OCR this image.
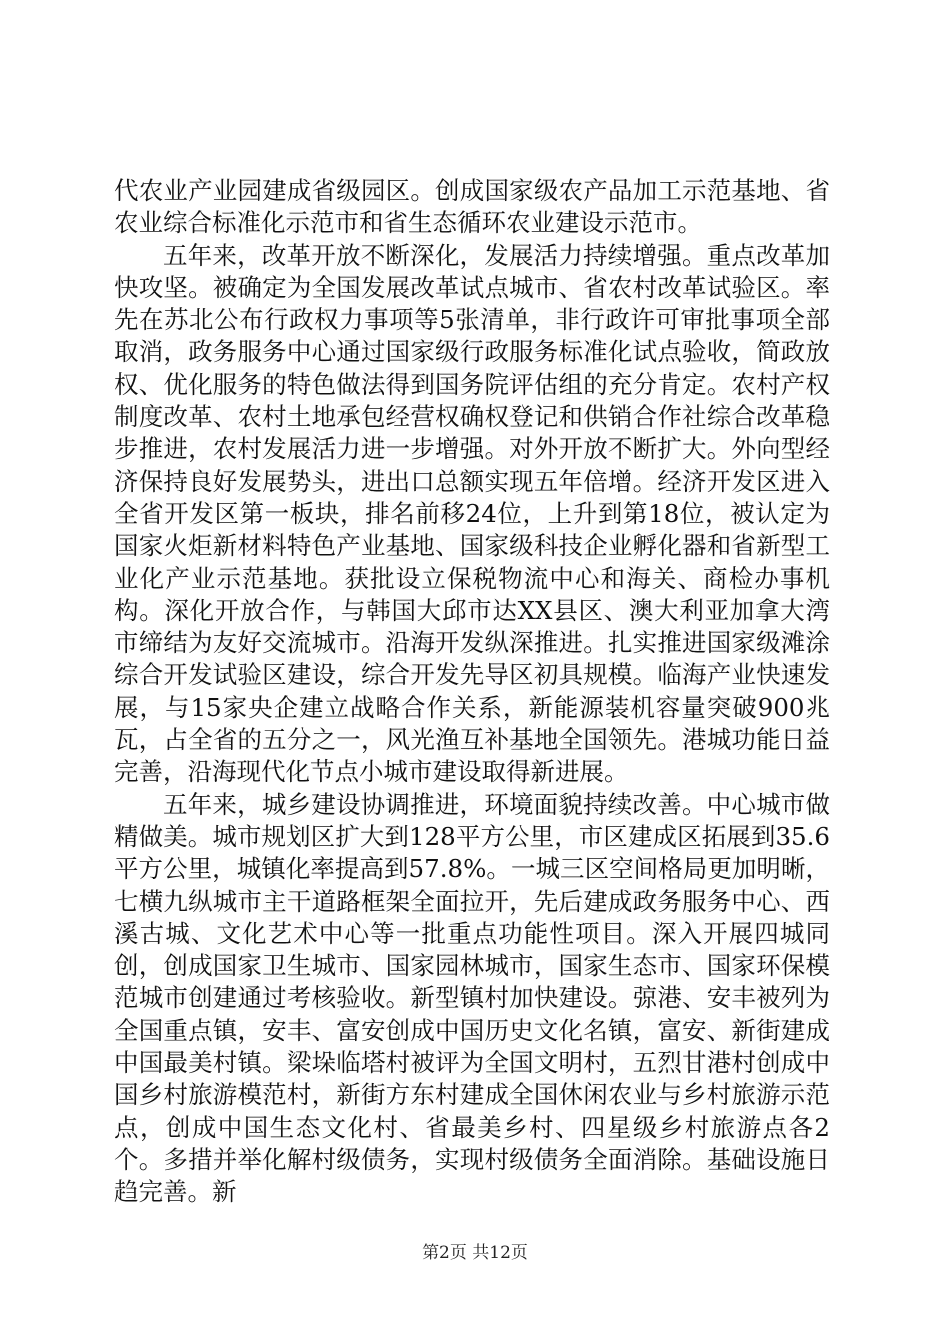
代农业产业园建成省级园区。创成国家级农产品加工示范基地、省农业综合标准化示范市和省生态循环农业建设示范市。

五年来，改革开放不断深化，发展活力持续增强。重点改革加快攻坚。被确定为全国发展改革试点城市、省农村改革试验区。率先在苏北公布行政权力事项等5张清单，非行政许可审批事项全部取消，政务服务中心通过国家级行政服务标准化试点验收，简政放权、优化服务的特色做法得到国务院评估组的充分肯定。农村产权制度改革、农村土地承包经营权确权登记和供销合作社综合改革稳步推进，农村发展活力进一步增强。对外开放不断扩大。外向型经济保持良好发展势头，进出口总额实现五年倍增。经济开发区进入全省开发区第一板块，排名前移24位，上升到第18位，被认定为国家火炬新材料特色产业基地、国家级科技企业孵化器和省新型工业化产业示范基地。获批设立保税物流中心和海关、商检办事机构。深化开放合作，与韩国大邱市达XX县区、澳大利亚加拿大湾市缔结为友好交流城市。沿海开发纵深推进。扎实推进国家级滩涂综合开发试验区建设，综合开发先导区初具规模。临海产业快速发展，与15家央企建立战略合作关系，新能源装机容量突破900兆瓦，占全省的五分之一，风光渔互补基地全国领先。港城功能日益完善，沿海现代化节点小城市建设取得新进展。

五年来，城乡建设协调推进，环境面貌持续改善。中心城市做精做美。城市规划区扩大到128平方公里，市区建成区拓展到35.6平方公里，城镇化率提高到57.8%。一城三区空间格局更加明晰，七横九纵城市主干道路框架全面拉开，先后建成政务服务中心、西溪古城、文化艺术中心等一批重点功能性项目。深入开展四城同创，创成国家卫生城市、国家园林城市，国家生态市、国家环保模范城市创建通过考核验收。新型镇村加快建设。弶港、安丰被列为全国重点镇，安丰、富安创成中国历史文化名镇，富安、新街建成中国最美村镇。梁垛临塔村被评为全国文明村，五烈甘港村创成中国乡村旅游模范村，新街方东村建成全国休闲农业与乡村旅游示范点，创成中国生态文化村、省最美乡村、四星级乡村旅游点各2个。多措并举化解村级债务，实现村级债务全面消除。基础设施日趋完善。新

第2页 共12页
